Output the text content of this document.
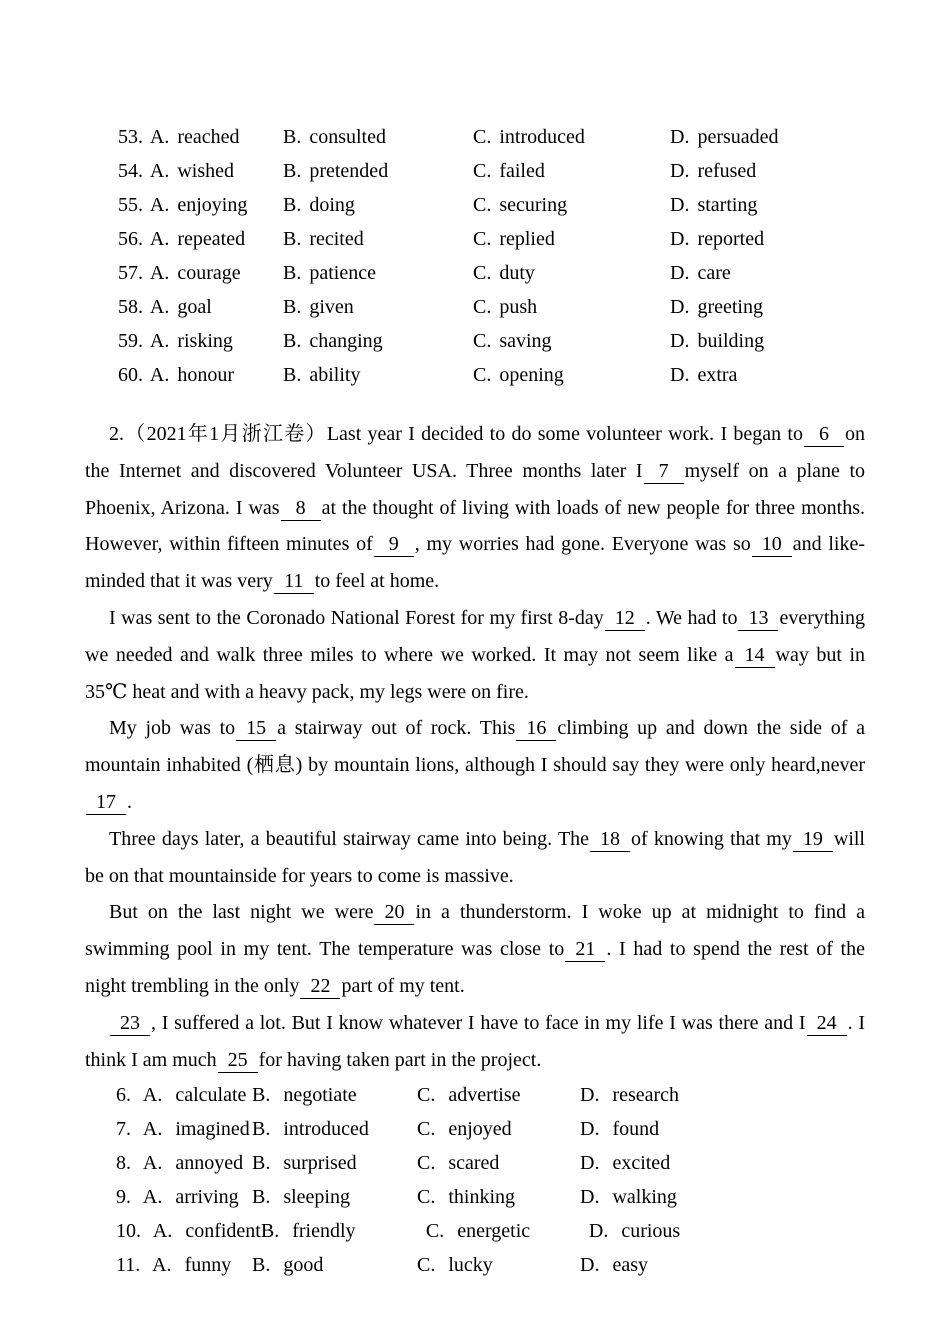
53. A. reached	B. consulted	C. introduced	D. persuaded
54. A. wished	B. pretended	C. failed	D. refused
55. A. enjoying	B. doing	C. securing	D. starting
56. A. repeated	B. recited	C. replied	D. reported
57. A. courage	B. patience	C. duty	D. care
58. A. goal	B. given	C. push	D. greeting
59. A. risking	B. changing	C. saving	D. building
60. A. honour	B. ability	C. opening	D. extra

2.（2021年1月浙江卷）Last year I decided to do some volunteer work. I began to 6 on the Internet and discovered Volunteer USA. Three months later I 7 myself on a plane to Phoenix, Arizona. I was 8 at the thought of living with loads of new people for three months. However, within fifteen minutes of 9 , my worries had gone. Everyone was so 10 and like-minded that it was very 11 to feel at home.

I was sent to the Coronado National Forest for my first 8-day 12 . We had to 13 everything we needed and walk three miles to where we worked. It may not seem like a 14 way but in 35℃ heat and with a heavy pack, my legs were on fire.

My job was to 15 a stairway out of rock. This 16 climbing up and down the side of a mountain inhabited (栖息) by mountain lions, although I should say they were only heard,never17 .

Three days later, a beautiful stairway came into being. The 18 of knowing that my 19 will be on that mountainside for years to come is massive.

But on the last night we were 20 in a thunderstorm. I woke up at midnight to find a swimming pool in my tent. The temperature was close to 21 . I had to spend the rest of the night trembling in the only 22 part of my tent.

23 , I suffered a lot. But I know whatever I have to face in my life I was there and I 24 . I think I am much 25 for having taken part in the project.

6. A. calculate B. negotiate	C. advertise	D. research
7. A. imagined B. introduced	C. enjoyed	D. found
8. A. annoyed B. surprised	C. scared	D. excited
9. A. arriving B. sleeping	C. thinking	D. walking
10. A. confident B. friendly	C. energetic	D. curious
11. A. funny	B. good	C. lucky	D. easy
